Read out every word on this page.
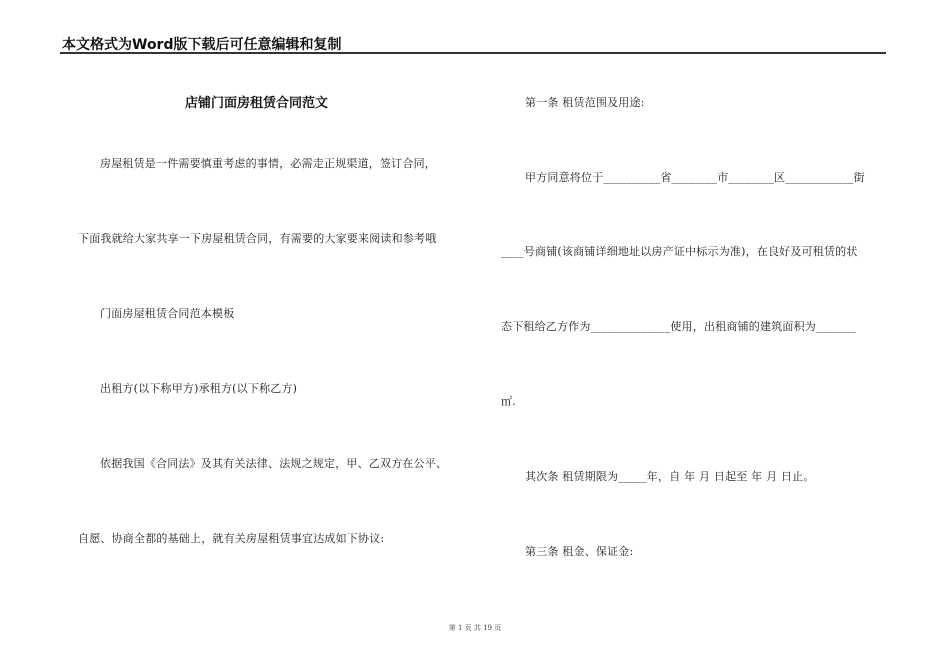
本文格式为Word版下载后可任意编辑和复制
店铺门面房租赁合同范文
房屋租赁是一件需要慎重考虑的事情，必需走正规渠道，签订合同，
下面我就给大家共享一下房屋租赁合同，有需要的大家要来阅读和参考哦
门面房屋租赁合同范本模板
出租方(以下称甲方)承租方(以下称乙方)
依据我国《合同法》及其有关法律、法规之规定，甲、乙双方在公平、
自愿、协商全都的基础上，就有关房屋租赁事宜达成如下协议:
第一条 租赁范围及用途:
甲方同意将位于__________省________市________区____________街
____号商铺(该商铺详细地址以房产证中标示为准)，在良好及可租赁的状
态下租给乙方作为______________使用，出租商铺的建筑面积为_______
㎡.
其次条 租赁期限为_____年，自 年 月 日起至 年 月 日止。
第三条 租金、保证金:
第 1 页 共 19 页
